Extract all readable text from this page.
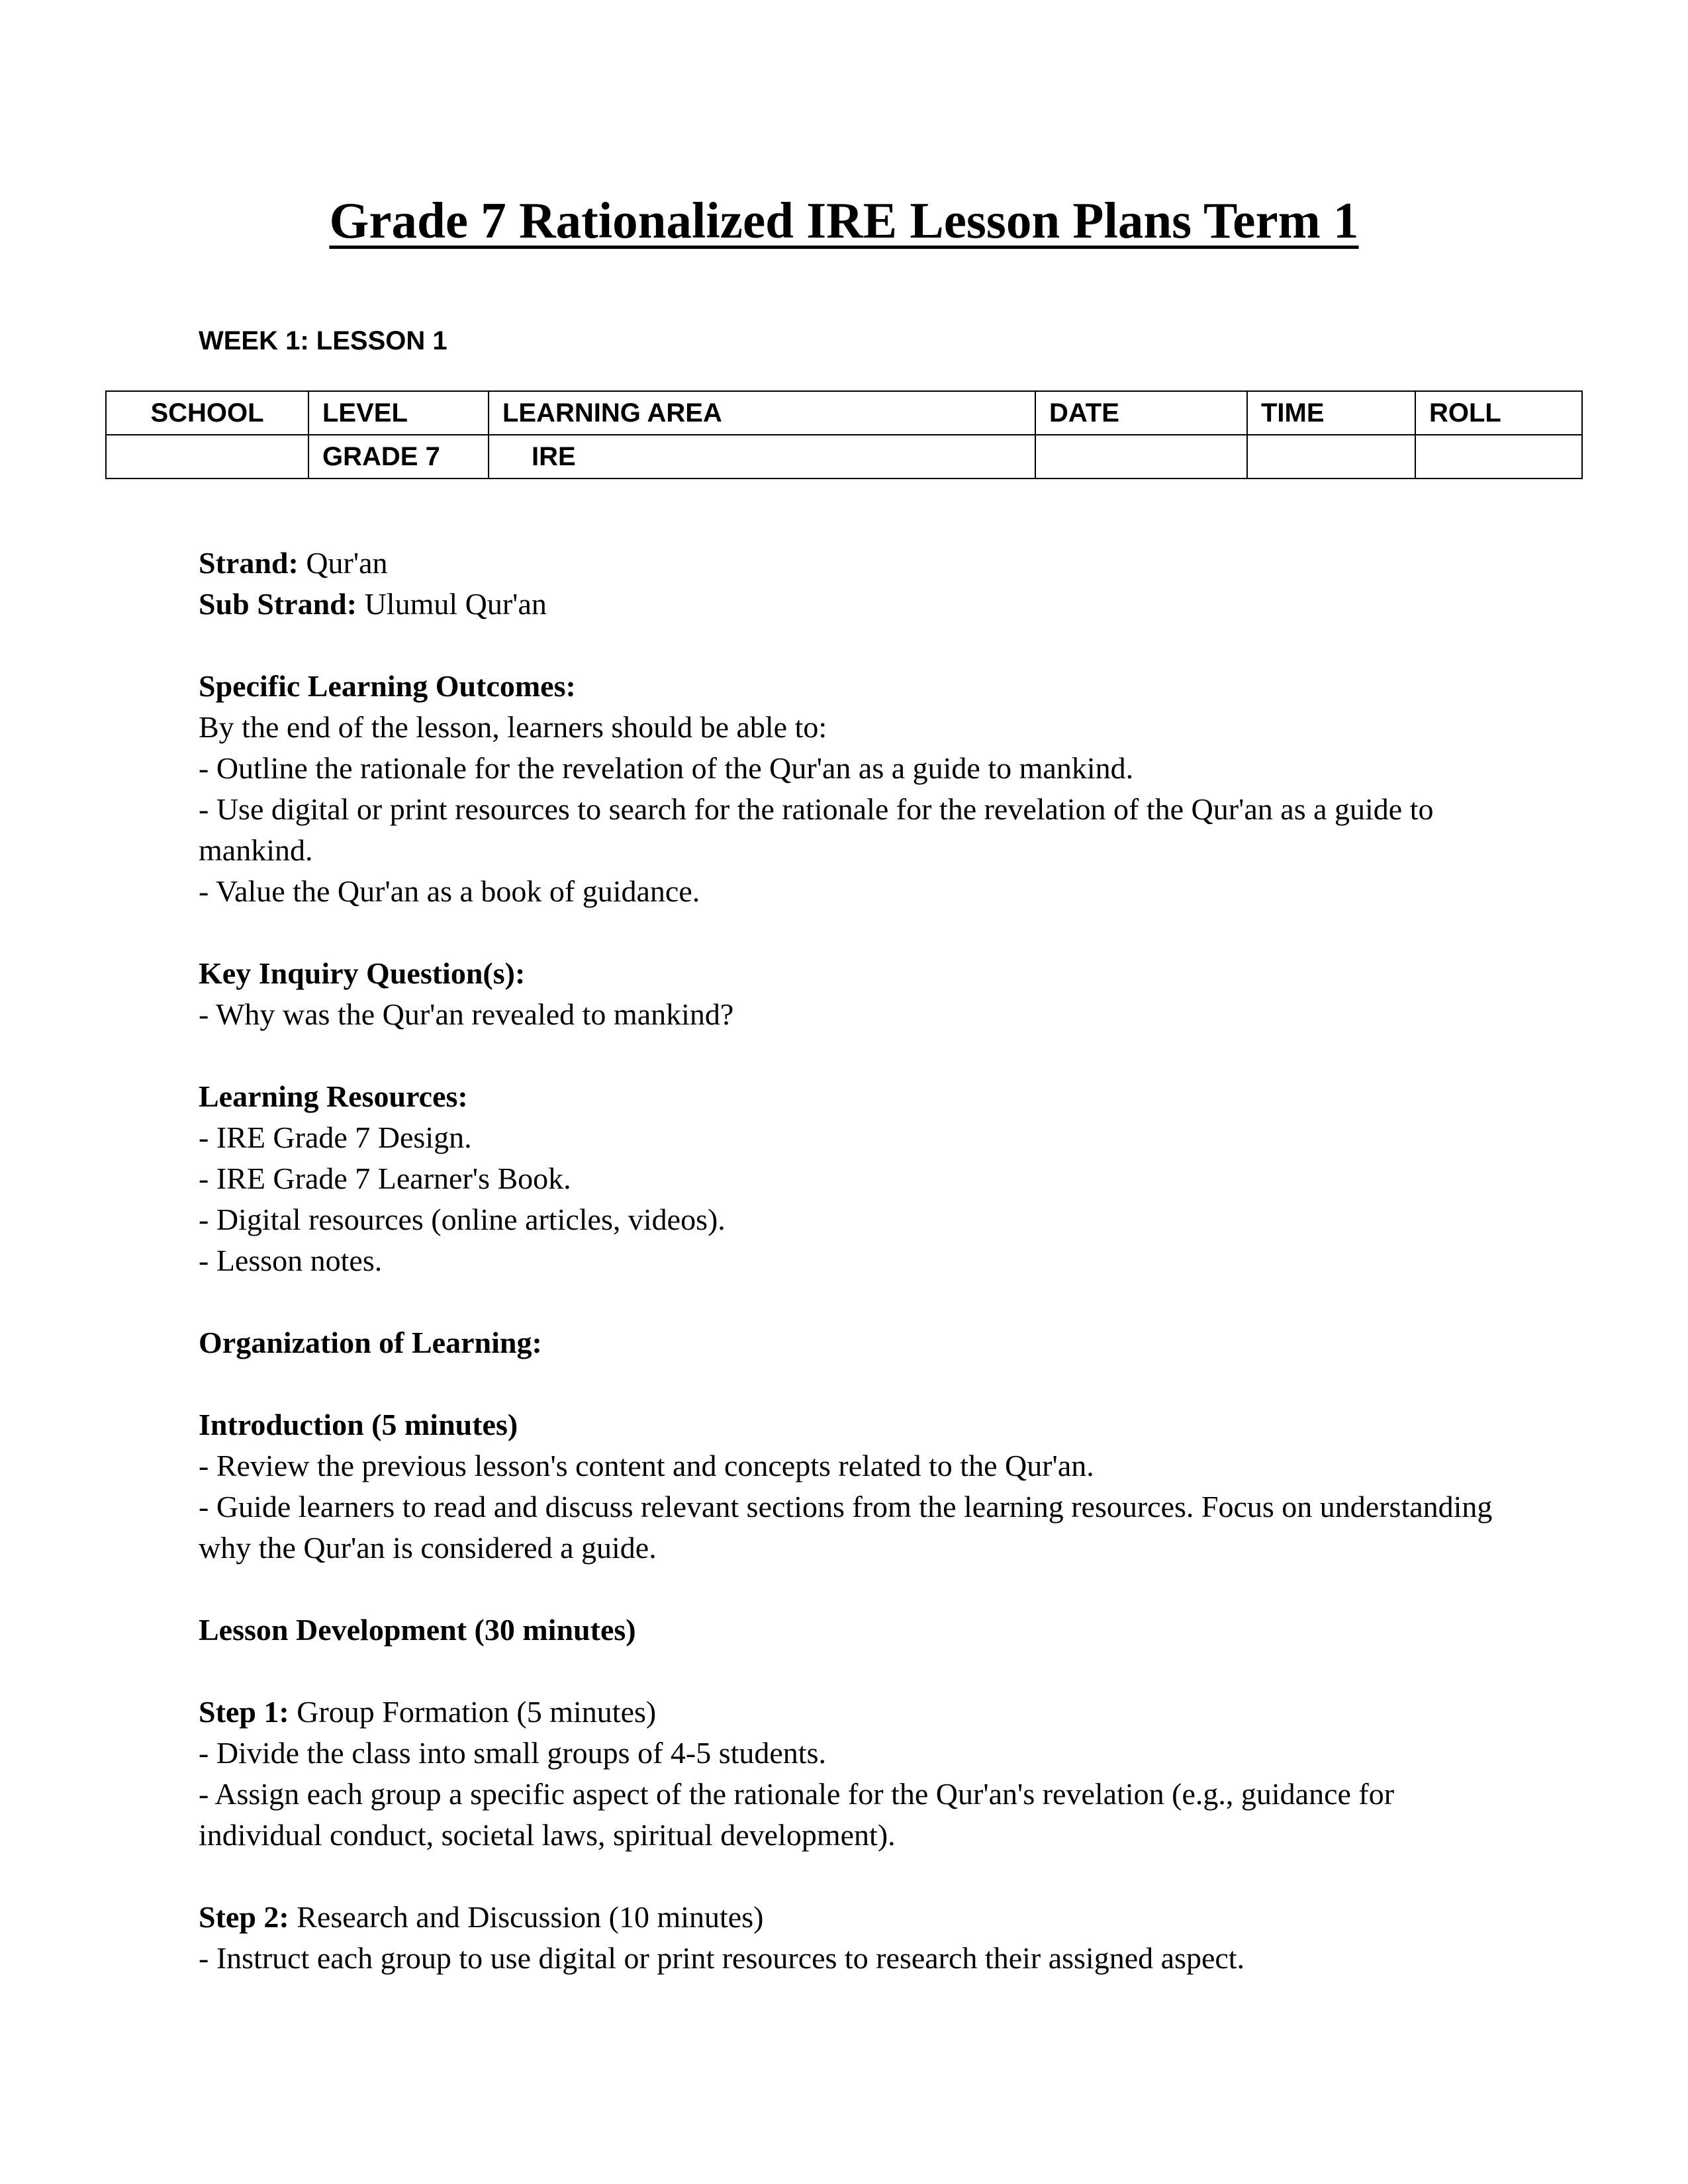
Grade 7 Rationalized IRE Lesson Plans Term 1

WEEK 1: LESSON 1

SCHOOL	LEVEL	LEARNING AREA	DATE	TIME	ROLL
	GRADE 7	IRE			

Strand: Qur'an

Sub Strand: Ulumul Qur'an

Specific Learning Outcomes:

By the end of the lesson, learners should be able to:

- Outline the rationale for the revelation of the Qur'an as a guide to mankind.

- Use digital or print resources to search for the rationale for the revelation of the Qur'an as a guide to mankind.

- Value the Qur'an as a book of guidance.

Key Inquiry Question(s):

- Why was the Qur'an revealed to mankind?

Learning Resources:

- IRE Grade 7 Design.

- IRE Grade 7 Learner's Book.

- Digital resources (online articles, videos).

- Lesson notes.

Organization of Learning:

Introduction (5 minutes)

- Review the previous lesson's content and concepts related to the Qur'an.

- Guide learners to read and discuss relevant sections from the learning resources. Focus on understanding why the Qur'an is considered a guide.

Lesson Development (30 minutes)

Step 1: Group Formation (5 minutes)

- Divide the class into small groups of 4-5 students.

- Assign each group a specific aspect of the rationale for the Qur'an's revelation (e.g., guidance for individual conduct, societal laws, spiritual development).

Step 2: Research and Discussion (10 minutes)

- Instruct each group to use digital or print resources to research their assigned aspect.
